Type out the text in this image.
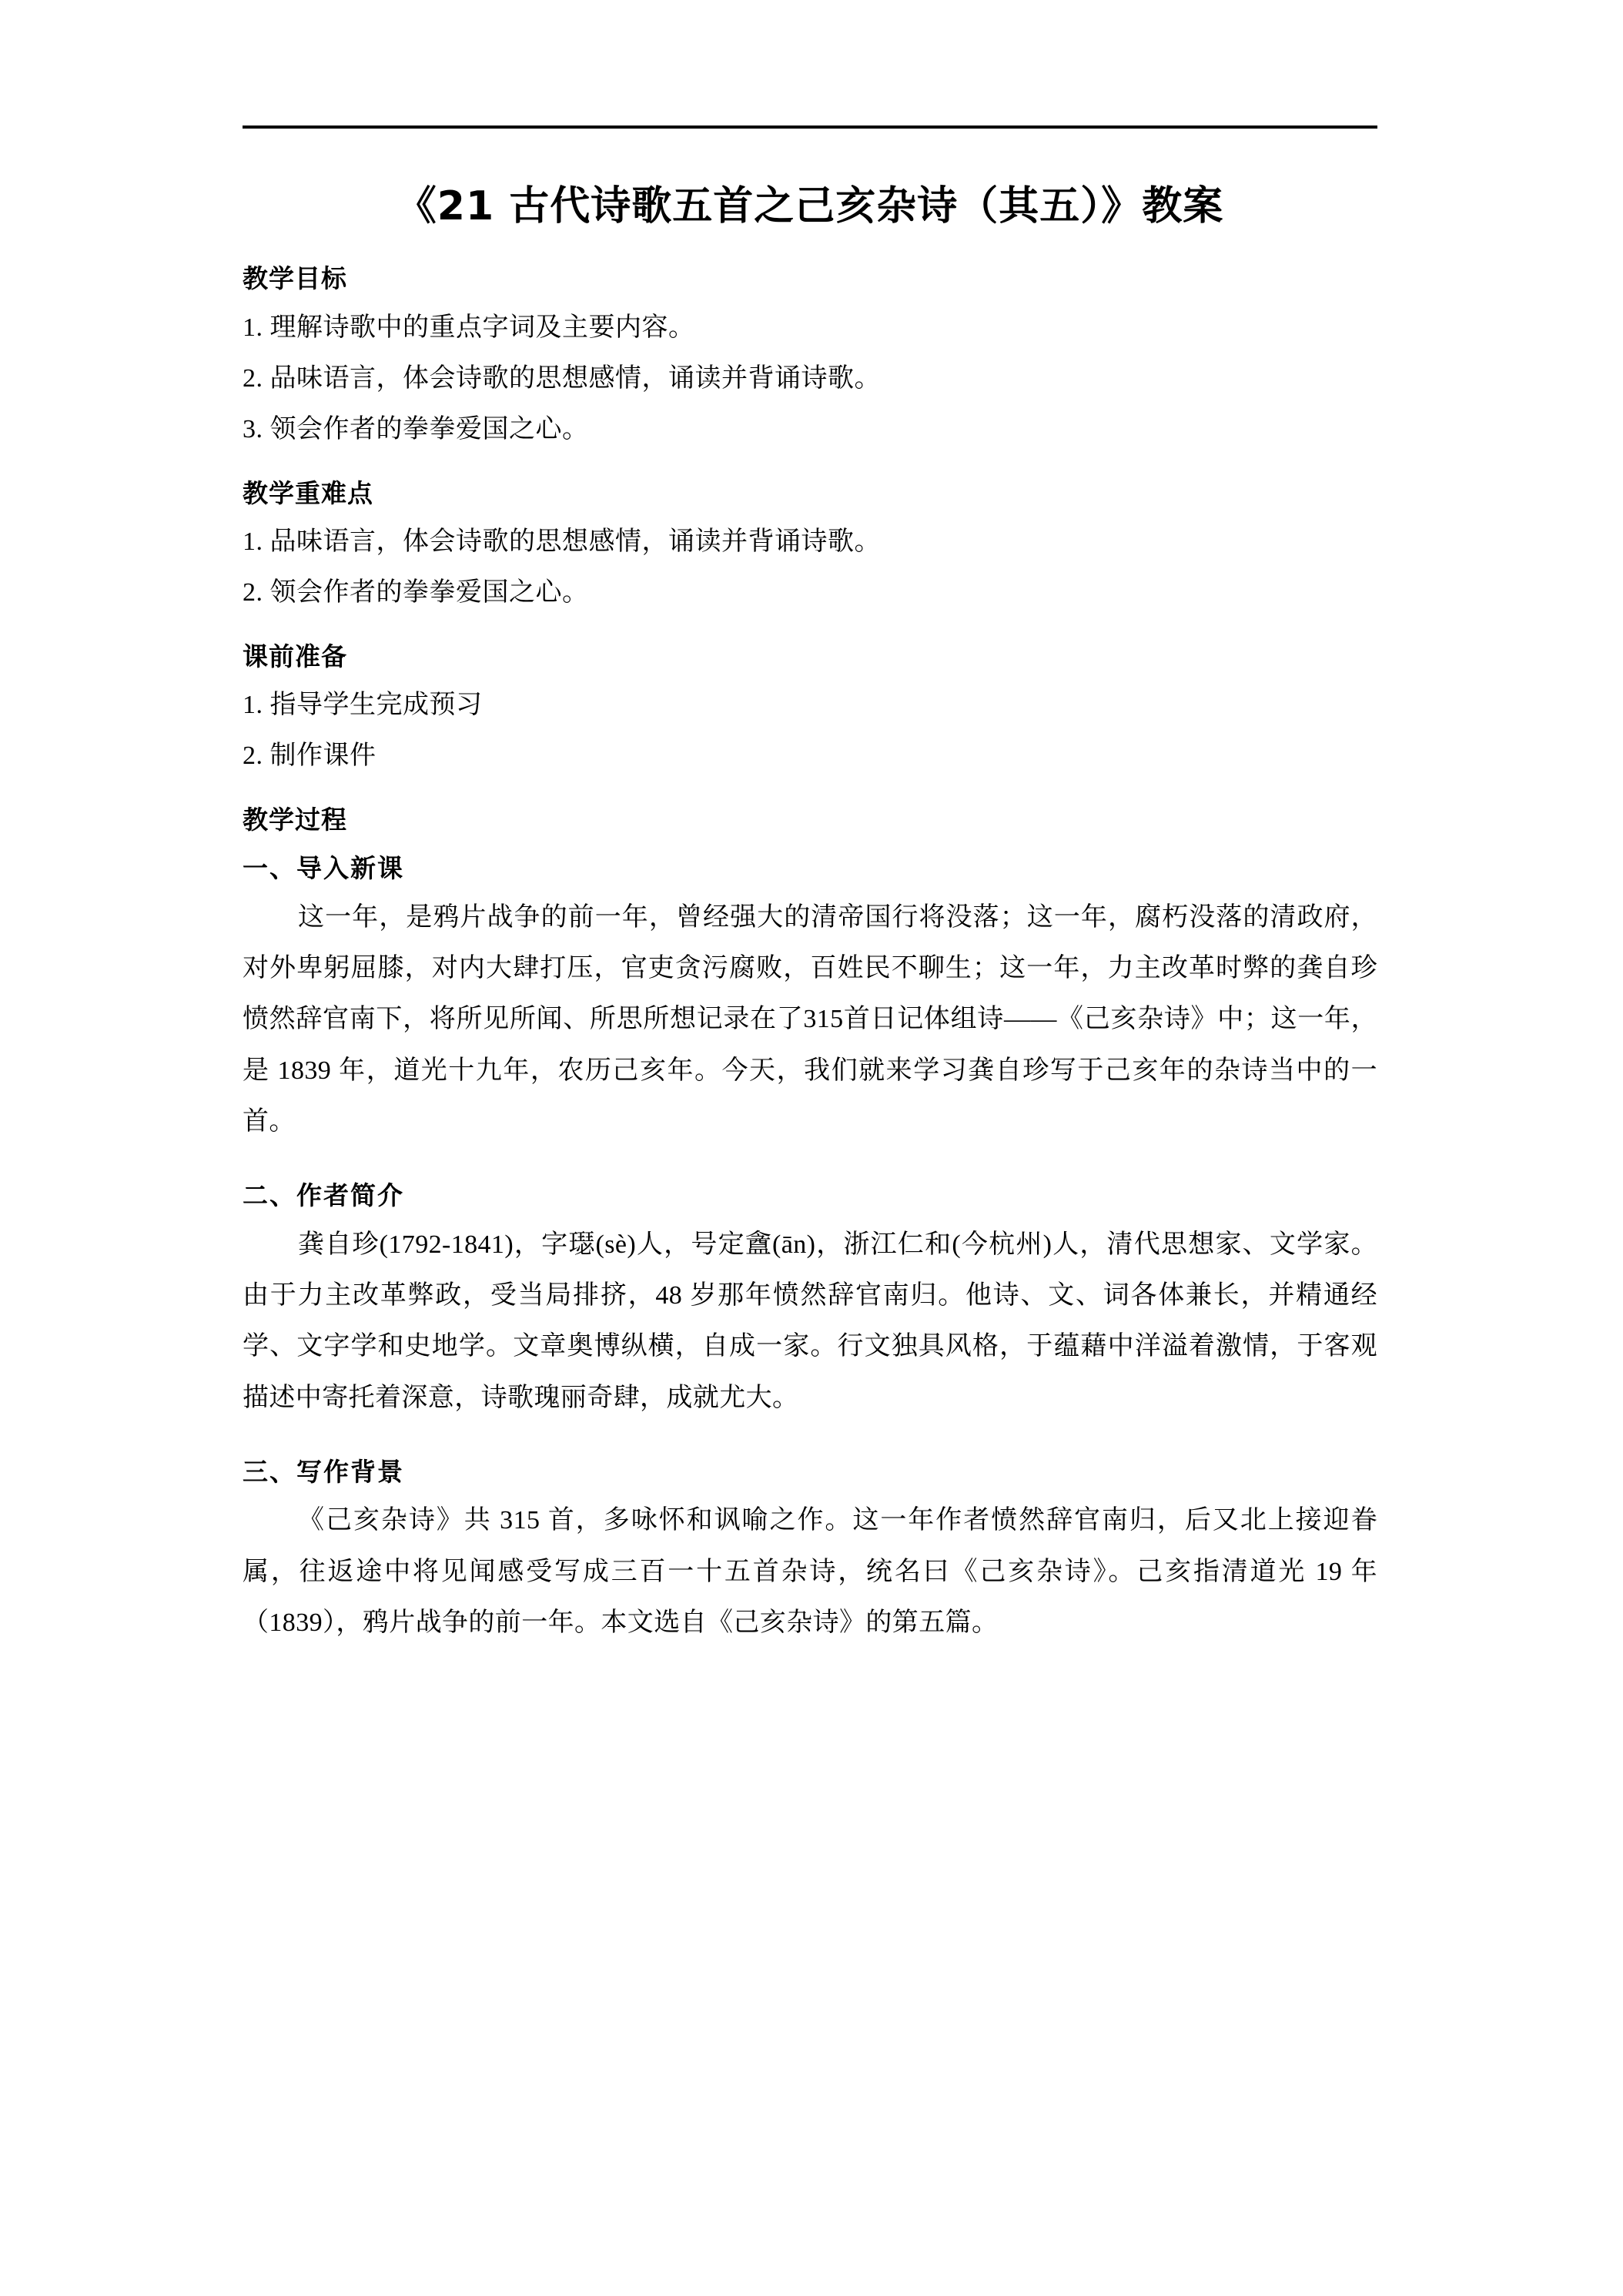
《21 古代诗歌五首之己亥杂诗（其五）》教案
教学目标

1. 理解诗歌中的重点字词及主要内容。

2. 品味语言，体会诗歌的思想感情，诵读并背诵诗歌。

3. 领会作者的拳拳爱国之心。

教学重难点

1. 品味语言，体会诗歌的思想感情，诵读并背诵诗歌。

2. 领会作者的拳拳爱国之心。

课前准备

1. 指导学生完成预习

2. 制作课件

教学过程
一、导入新课

这一年，是鸦片战争的前一年，曾经强大的清帝国行将没落；这一年，腐朽没落的清政府，对外卑躬屈膝，对内大肆打压，官吏贪污腐败，百姓民不聊生；这一年，力主改革时弊的龚自珍愤然辞官南下，将所见所闻、所思所想记录在了315首日记体组诗——《己亥杂诗》中；这一年，是 1839 年，道光十九年，农历己亥年。今天，我们就来学习龚自珍写于己亥年的杂诗当中的一首。

二、作者简介

龚自珍(1792-1841)，字璱(sè)人，号定盦(ān)，浙江仁和(今杭州)人，清代思想家、文学家。由于力主改革弊政，受当局排挤，48 岁那年愤然辞官南归。他诗、文、词各体兼长，并精通经学、文字学和史地学。文章奥博纵横，自成一家。行文独具风格，于蕴藉中洋溢着激情，于客观描述中寄托着深意，诗歌瑰丽奇肆，成就尤大。

三、写作背景

《己亥杂诗》共 315 首，多咏怀和讽喻之作。这一年作者愤然辞官南归，后又北上接迎眷属，往返途中将见闻感受写成三百一十五首杂诗，统名曰《己亥杂诗》。己亥指清道光 19 年（1839），鸦片战争的前一年。本文选自《己亥杂诗》的第五篇。
